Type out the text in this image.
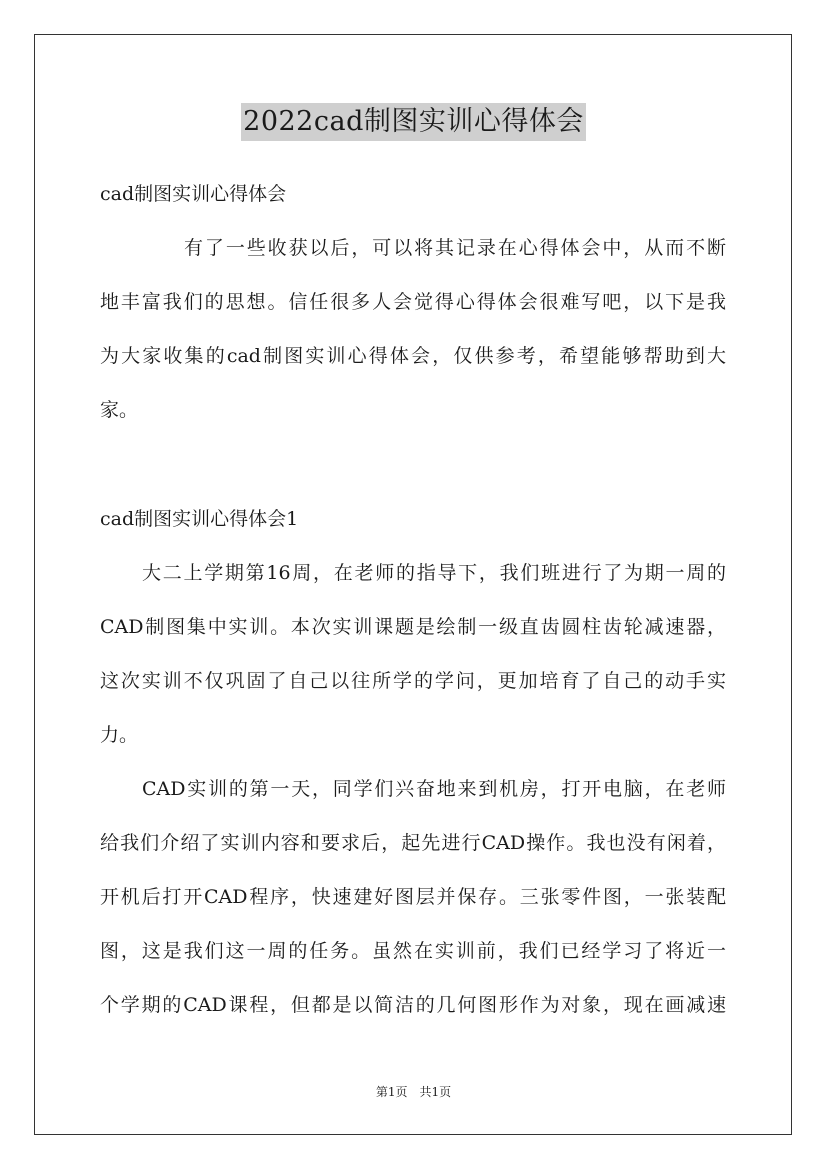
2022cad制图实训心得体会
cad制图实训心得体会
有了一些收获以后，可以将其记录在心得体会中，从而不断
地丰富我们的思想。信任很多人会觉得心得体会很难写吧，以下是我
为大家收集的cad制图实训心得体会，仅供参考，希望能够帮助到大
家。
cad制图实训心得体会1
大二上学期第16周，在老师的指导下，我们班进行了为期一周的
CAD制图集中实训。本次实训课题是绘制一级直齿圆柱齿轮减速器，
这次实训不仅巩固了自己以往所学的学问，更加培育了自己的动手实
力。
CAD实训的第一天，同学们兴奋地来到机房，打开电脑，在老师
给我们介绍了实训内容和要求后，起先进行CAD操作。我也没有闲着，
开机后打开CAD程序，快速建好图层并保存。三张零件图，一张装配
图，这是我们这一周的任务。虽然在实训前，我们已经学习了将近一
个学期的CAD课程，但都是以简洁的几何图形作为对象，现在画减速
第1页　共1页
